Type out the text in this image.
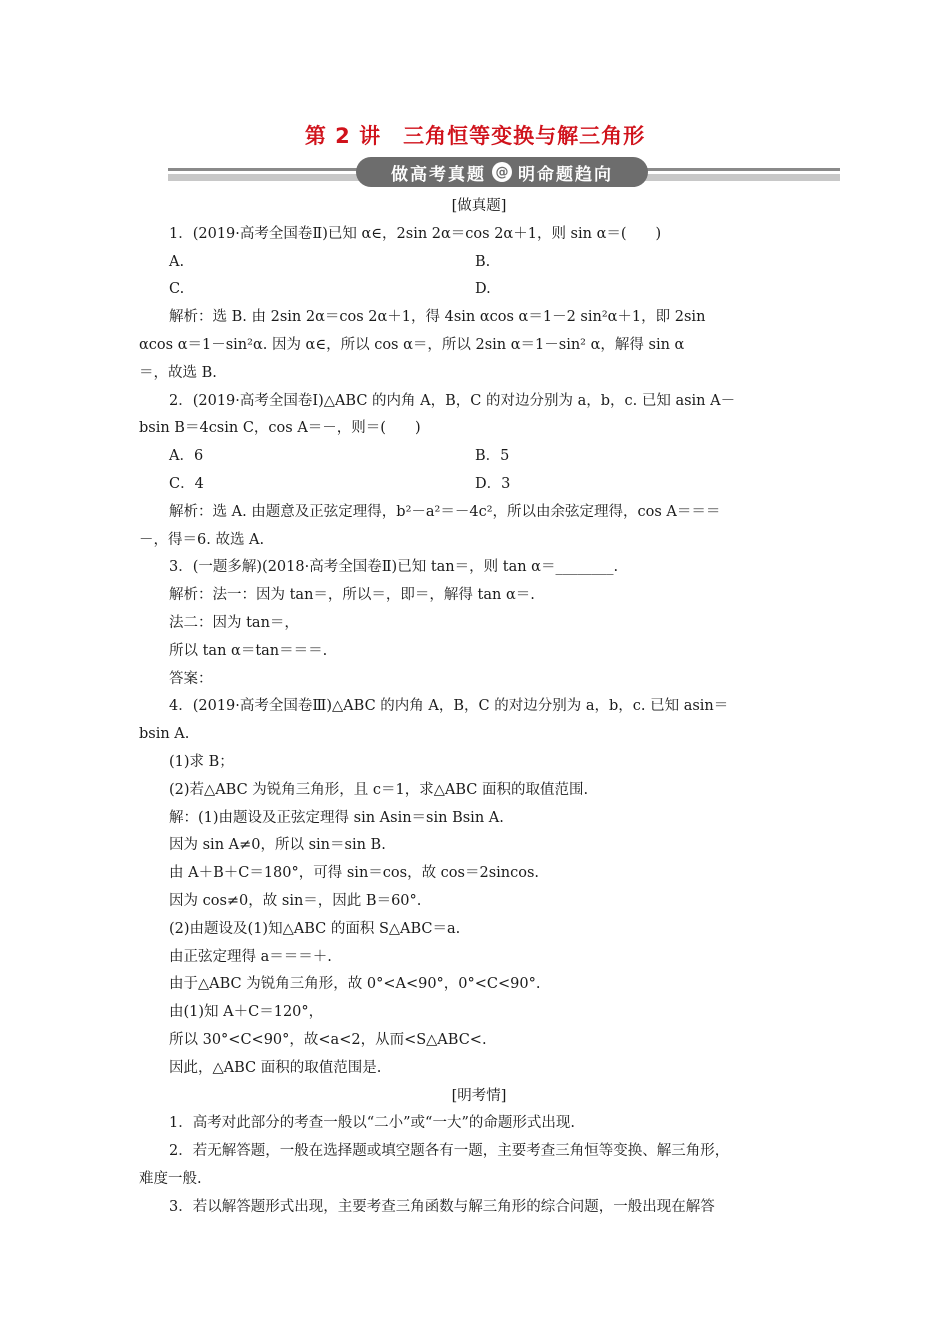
第 2 讲　三角恒等变换与解三角形
做高考真题 @ 明命题趋向
[做真题]
1．(2019·高考全国卷Ⅱ)已知 α∈，2sin 2α＝cos 2α＋1，则 sin α＝(　　)
A.	B.
C.	D.
解析：选 B. 由 2sin 2α＝cos 2α＋1，得 4sin αcos α＝1－2 sin²α＋1，即 2sin
αcos α＝1－sin²α. 因为 α∈，所以 cos α＝，所以 2sin α＝1－sin² α，解得 sin α
＝，故选 B.
2．(2019·高考全国卷Ⅰ)△ABC 的内角 A，B，C 的对边分别为 a，b，c. 已知 asin A－
bsin B＝4csin C，cos A＝－，则＝(　　)
A．6	B．5
C．4	D．3
解析：选 A. 由题意及正弦定理得，b²－a²＝－4c²，所以由余弦定理得，cos A＝＝＝
－，得＝6. 故选 A.
3．(一题多解)(2018·高考全国卷Ⅱ)已知 tan＝，则 tan α＝________.
解析：法一：因为 tan＝，所以＝，即＝，解得 tan α＝.
法二：因为 tan＝，
所以 tan α＝tan＝＝＝.
答案：
4．(2019·高考全国卷Ⅲ)△ABC 的内角 A，B，C 的对边分别为 a，b，c. 已知 asin＝
bsin A.
(1)求 B；
(2)若△ABC 为锐角三角形，且 c＝1，求△ABC 面积的取值范围.
解：(1)由题设及正弦定理得 sin Asin＝sin Bsin A.
因为 sin A≠0，所以 sin＝sin B.
由 A＋B＋C＝180°，可得 sin＝cos，故 cos＝2sincos.
因为 cos≠0，故 sin＝，因此 B＝60°.
(2)由题设及(1)知△ABC 的面积 S△ABC＝a.
由正弦定理得 a＝＝＝＋.
由于△ABC 为锐角三角形，故 0°<A<90°，0°<C<90°.
由(1)知 A＋C＝120°，
所以 30°<C<90°，故<a<2，从而<S△ABC<.
因此，△ABC 面积的取值范围是.
[明考情]
1．高考对此部分的考查一般以“二小”或“一大”的命题形式出现.
2．若无解答题，一般在选择题或填空题各有一题，主要考查三角恒等变换、解三角形，
难度一般.
3．若以解答题形式出现，主要考查三角函数与解三角形的综合问题，一般出现在解答
